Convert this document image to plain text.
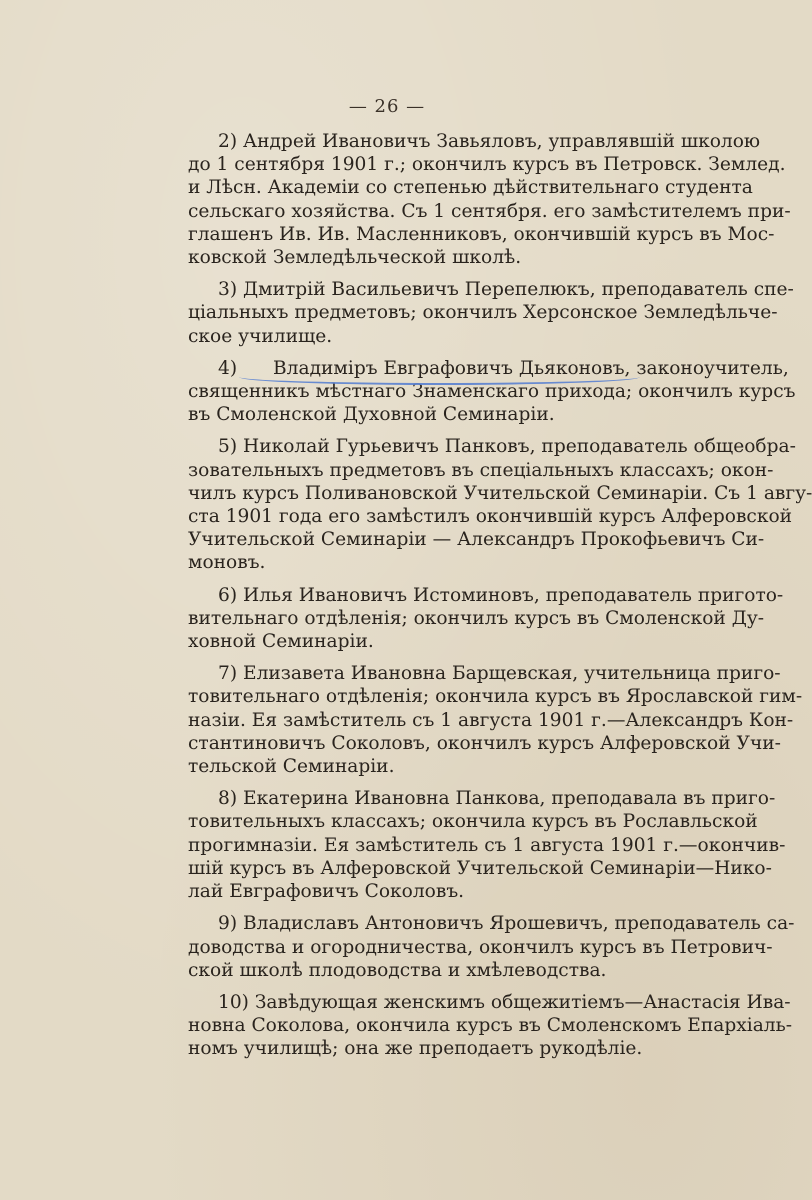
— 26 —
2) Андрей Ивановичъ Завьяловъ, управлявшій школою
до 1 сентября 1901 г.; окончилъ курсъ въ Петровск. Землед.
и Лѣсн. Академіи со степенью дѣйствительнаго студента
сельскаго хозяйства. Съ 1 сентября. его замѣстителемъ при-
глашенъ Ив. Ив. Масленниковъ, окончившій курсъ въ Мос-
ковской Земледѣльческой школѣ.
3) Дмитрій Васильевичъ Перепелюкъ, преподаватель спе-
ціальныхъ предметовъ; окончилъ Херсонское Земледѣльче-
ское училище.
4) Владиміръ Евграфовичъ Дьяконовъ, законоучитель,
священникъ мѣстнаго Знаменскаго прихода; окончилъ курсъ
въ Смоленской Духовной Семинаріи.
5) Николай Гурьевичъ Панковъ, преподаватель общеобра-
зовательныхъ предметовъ въ спеціальныхъ классахъ; окон-
чилъ курсъ Поливановской Учительской Семинаріи. Съ 1 авгу-
ста 1901 года его замѣстилъ окончившій курсъ Алферовской
Учительской Семинаріи — Александръ Прокофьевичъ Си-
моновъ.
6) Илья Ивановичъ Истоминовъ, преподаватель пригото-
вительнаго отдѣленія; окончилъ курсъ въ Смоленской Ду-
ховной Семинаріи.
7) Елизавета Ивановна Барщевская, учительница приго-
товительнаго отдѣленія; окончила курсъ въ Ярославской гим-
назіи. Ея замѣститель съ 1 августа 1901 г.—Александръ Кон-
стантиновичъ Соколовъ, окончилъ курсъ Алферовской Учи-
тельской Семинаріи.
8) Екатерина Ивановна Панкова, преподавала въ приго-
товительныхъ классахъ; окончила курсъ въ Рославльской
прогимназіи. Ея замѣститель съ 1 августа 1901 г.—окончив-
шій курсъ въ Алферовской Учительской Семинаріи—Нико-
лай Евграфовичъ Соколовъ.
9) Владиславъ Антоновичъ Ярошевичъ, преподаватель са-
доводства и огородничества, окончилъ курсъ въ Петрович-
ской школѣ плодоводства и хмѣлеводства.
10) Завѣдующая женскимъ общежитіемъ—Анастасія Ива-
новна Соколова, окончила курсъ въ Смоленскомъ Епархіаль-
номъ училищѣ; она же преподаетъ рукодѣліе.
